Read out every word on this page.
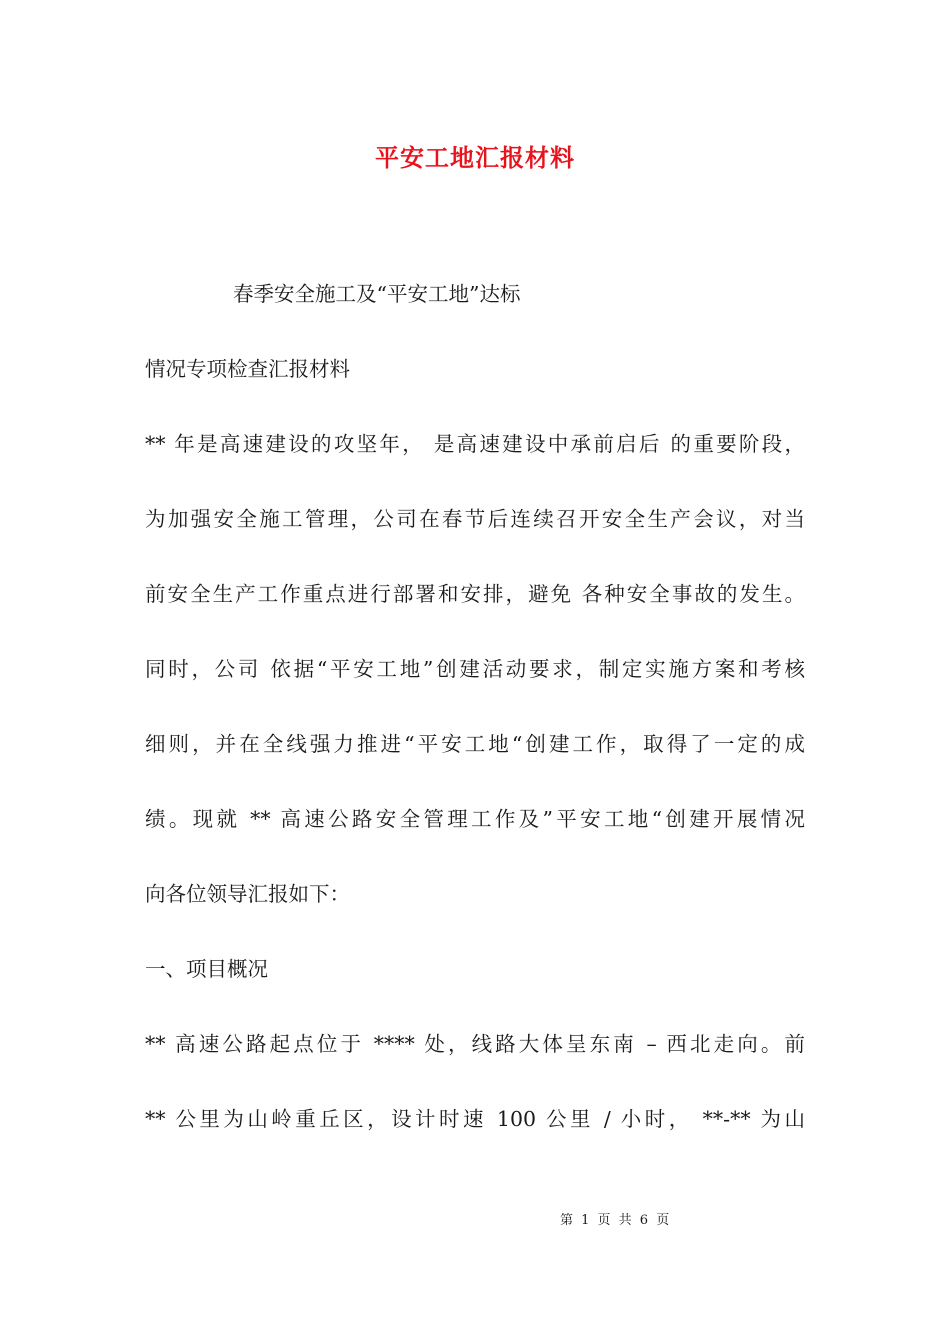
平安工地汇报材料
春季安全施工及“平安工地”达标
情况专项检查汇报材料
** 年是高速建设的攻坚年， 是高速建设中承前启后 的重要阶段，
为加强安全施工管理，公司在春节后连续召开安全生产会议，对当
前安全生产工作重点进行部署和安排，避免 各种安全事故的发生。
同时，公司 依据“平安工地”创建活动要求，制定实施方案和考核
细则，并在全线强力推进“平安工地“创建工作，取得了一定的成
绩。现就 ** 高速公路安全管理工作及”平安工地“创建开展情况
向各位领导汇报如下：
一、项目概况
** 高速公路起点位于 **** 处，线路大体呈东南 – 西北走向。前
** 公里为山岭重丘区，设计时速 100 公里 / 小时， **-** 为山
第 1 页 共 6 页
